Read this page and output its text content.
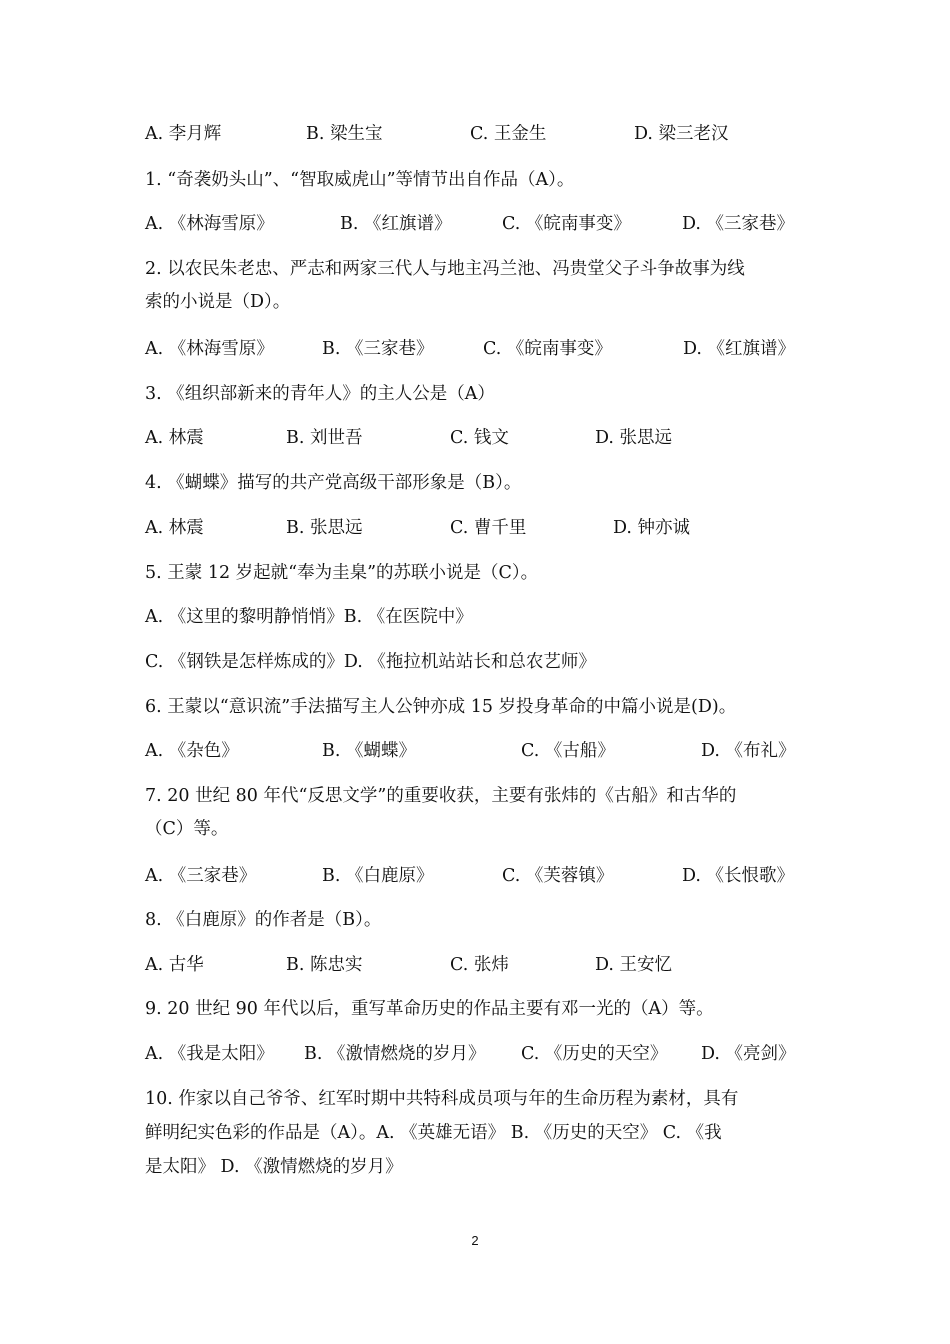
A. 李月辉	B. 梁生宝	C. 王金生	D. 梁三老汉
1. “奇袭奶头山”、“智取威虎山”等情节出自作品（A）。
A. 《林海雪原》	B. 《红旗谱》	C. 《皖南事变》	D. 《三家巷》
2. 以农民朱老忠、严志和两家三代人与地主冯兰池、冯贵堂父子斗争故事为线
索的小说是（D）。
A. 《林海雪原》	B. 《三家巷》	C. 《皖南事变》	D. 《红旗谱》
3. 《组织部新来的青年人》的主人公是（A）
A. 林震	B. 刘世吾	C. 钱文	D. 张思远
4. 《蝴蝶》描写的共产党高级干部形象是（B）。
A. 林震	B. 张思远	C. 曹千里	D. 钟亦诚
5. 王蒙 12 岁起就“奉为圭臬”的苏联小说是（C）。
A. 《这里的黎明静悄悄》B. 《在医院中》
C. 《钢铁是怎样炼成的》D. 《拖拉机站站长和总农艺师》
6. 王蒙以“意识流”手法描写主人公钟亦成 15 岁投身革命的中篇小说是(D)。
A. 《杂色》	B. 《蝴蝶》	C. 《古船》	D. 《布礼》
7. 20 世纪 80 年代“反思文学”的重要收获，主要有张炜的《古船》和古华的
（C）等。
A. 《三家巷》	B. 《白鹿原》	C. 《芙蓉镇》	D. 《长恨歌》
8. 《白鹿原》的作者是（B）。
A. 古华	B. 陈忠实	C. 张炜	D. 王安忆
9. 20 世纪 90 年代以后，重写革命历史的作品主要有邓一光的（A）等。
A. 《我是太阳》 B. 《激情燃烧的岁月》 C. 《历史的天空》 D. 《亮剑》
10. 作家以自己爷爷、红军时期中共特科成员项与年的生命历程为素材，具有
鲜明纪实色彩的作品是（A）。A. 《英雄无语》 B. 《历史的天空》 C. 《我
是太阳》 D. 《激情燃烧的岁月》
2
